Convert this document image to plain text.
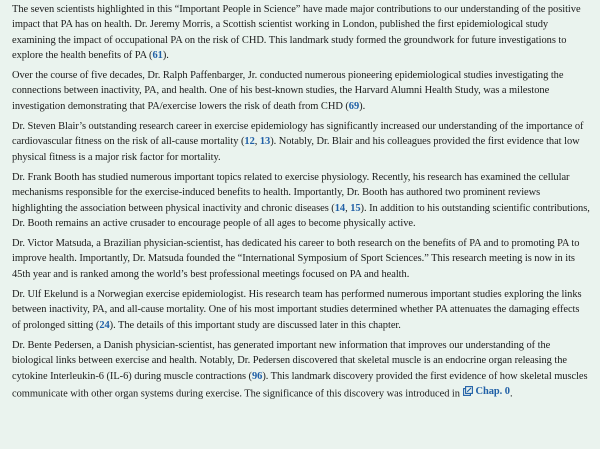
The seven scientists highlighted in this “Important People in Science” have made major contributions to our understanding of the positive impact that PA has on health. Dr. Jeremy Morris, a Scottish scientist working in London, published the first epidemiological study examining the impact of occupational PA on the risk of CHD. This landmark study formed the groundwork for future investigations to explore the health benefits of PA (61).

Over the course of five decades, Dr. Ralph Paffenbarger, Jr. conducted numerous pioneering epidemiological studies investigating the connections between inactivity, PA, and health. One of his best-known studies, the Harvard Alumni Health Study, was a milestone investigation demonstrating that PA/exercise lowers the risk of death from CHD (69).

Dr. Steven Blair’s outstanding research career in exercise epidemiology has significantly increased our understanding of the importance of cardiovascular fitness on the risk of all-cause mortality (12, 13). Notably, Dr. Blair and his colleagues provided the first evidence that low physical fitness is a major risk factor for mortality.

Dr. Frank Booth has studied numerous important topics related to exercise physiology. Recently, his research has examined the cellular mechanisms responsible for the exercise-induced benefits to health. Importantly, Dr. Booth has authored two prominent reviews highlighting the association between physical inactivity and chronic diseases (14, 15). In addition to his outstanding scientific contributions, Dr. Booth remains an active crusader to encourage people of all ages to become physically active.

Dr. Victor Matsuda, a Brazilian physician-scientist, has dedicated his career to both research on the benefits of PA and to promoting PA to improve health. Importantly, Dr. Matsuda founded the “International Symposium of Sport Sciences.” This research meeting is now in its 45th year and is ranked among the world’s best professional meetings focused on PA and health.

Dr. Ulf Ekelund is a Norwegian exercise epidemiologist. His research team has performed numerous important studies exploring the links between inactivity, PA, and all-cause mortality. One of his most important studies determined whether PA attenuates the damaging effects of prolonged sitting (24). The details of this important study are discussed later in this chapter.

Dr. Bente Pedersen, a Danish physician-scientist, has generated important new information that improves our understanding of the biological links between exercise and health. Notably, Dr. Pedersen discovered that skeletal muscle is an endocrine organ releasing the cytokine Interleukin-6 (IL-6) during muscle contractions (96). This landmark discovery provided the first evidence of how skeletal muscles communicate with other organ systems during exercise. The significance of this discovery was introduced in Chap. 0 .
